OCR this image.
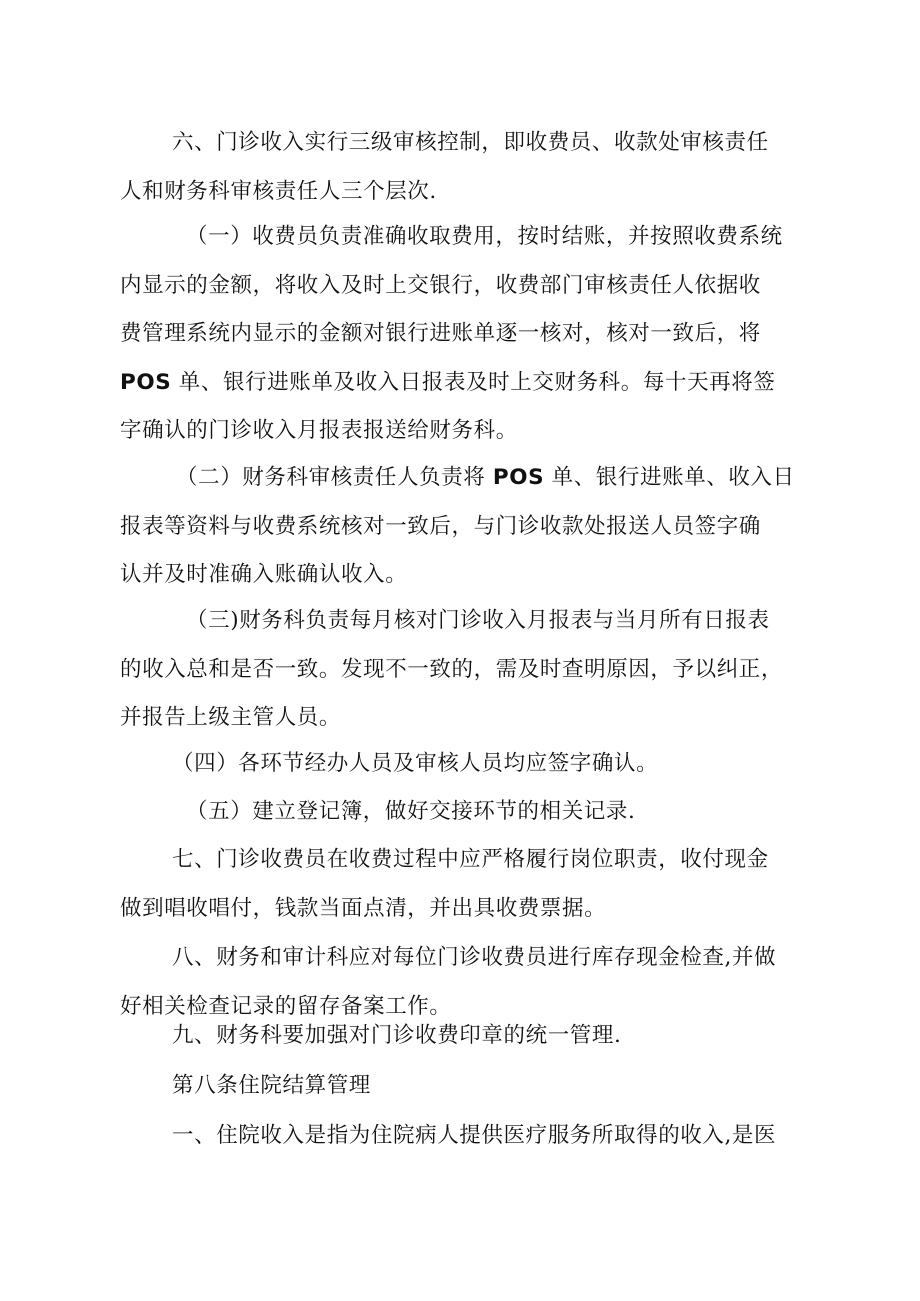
六、门诊收入实行三级审核控制，即收费员、收款处审核责任
人和财务科审核责任人三个层次.
（一）收费员负责准确收取费用，按时结账，并按照收费系统
内显示的金额，将收入及时上交银行，收费部门审核责任人依据收
费管理系统内显示的金额对银行进账单逐一核对，核对一致后，将
POS 单、银行进账单及收入日报表及时上交财务科。每十天再将签
字确认的门诊收入月报表报送给财务科。
（二）财务科审核责任人负责将 POS 单、银行进账单、收入日
报表等资料与收费系统核对一致后，与门诊收款处报送人员签字确
认并及时准确入账确认收入。
（三)财务科负责每月核对门诊收入月报表与当月所有日报表
的收入总和是否一致。发现不一致的，需及时查明原因，予以纠正，
并报告上级主管人员。
（四）各环节经办人员及审核人员均应签字确认。
（五）建立登记簿，做好交接环节的相关记录.
七、门诊收费员在收费过程中应严格履行岗位职责，收付现金
做到唱收唱付，钱款当面点清，并出具收费票据。
八、财务和审计科应对每位门诊收费员进行库存现金检查,并做
好相关检查记录的留存备案工作。
九、财务科要加强对门诊收费印章的统一管理.
第八条住院结算管理
一、住院收入是指为住院病人提供医疗服务所取得的收入,是医
